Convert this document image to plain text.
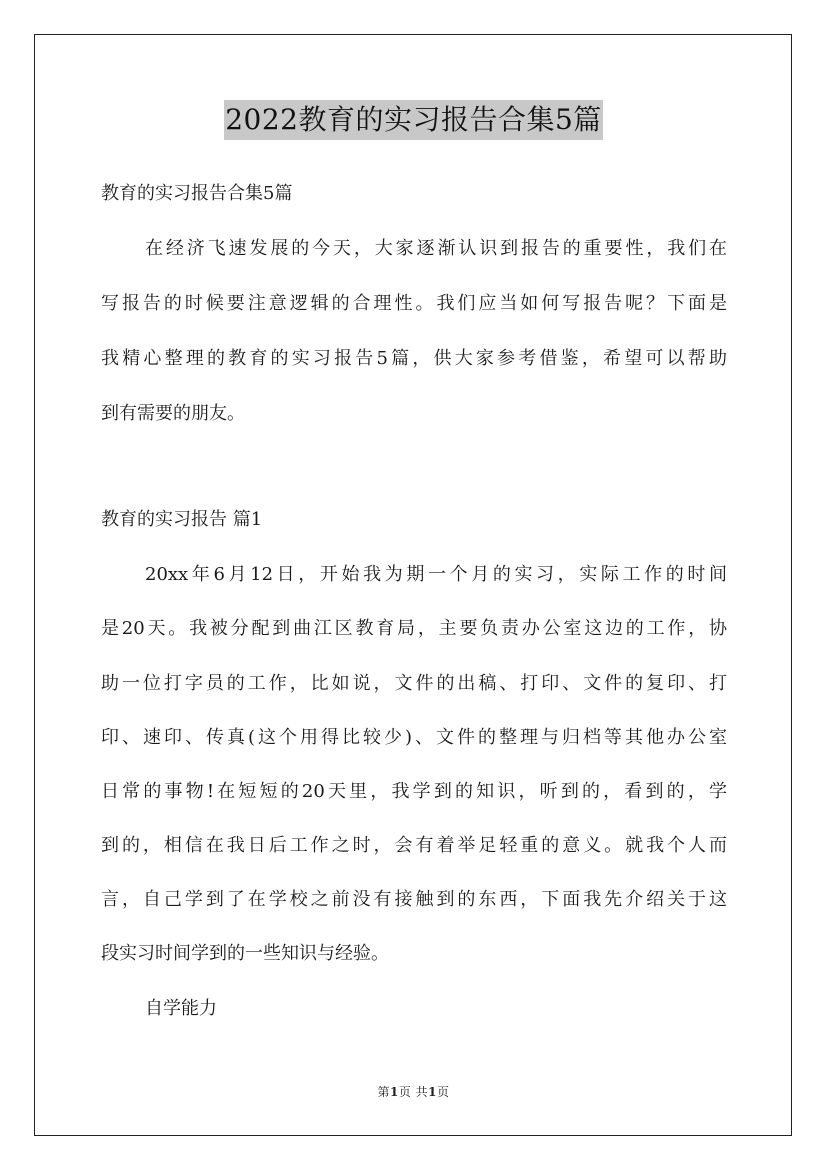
2022教育的实习报告合集5篇
教育的实习报告合集5篇
在经济飞速发展的今天，大家逐渐认识到报告的重要性，我们在
写报告的时候要注意逻辑的合理性。我们应当如何写报告呢？下面是
我精心整理的教育的实习报告5篇，供大家参考借鉴，希望可以帮助
到有需要的朋友。
教育的实习报告 篇1
20xx年6月12日，开始我为期一个月的实习，实际工作的时间
是20天。我被分配到曲江区教育局，主要负责办公室这边的工作，协
助一位打字员的工作，比如说，文件的出稿、打印、文件的复印、打
印、速印、传真(这个用得比较少)、文件的整理与归档等其他办公室
日常的事物!在短短的20天里，我学到的知识，听到的，看到的，学
到的，相信在我日后工作之时，会有着举足轻重的意义。就我个人而
言，自己学到了在学校之前没有接触到的东西，下面我先介绍关于这
段实习时间学到的一些知识与经验。
自学能力
第1页 共1页
